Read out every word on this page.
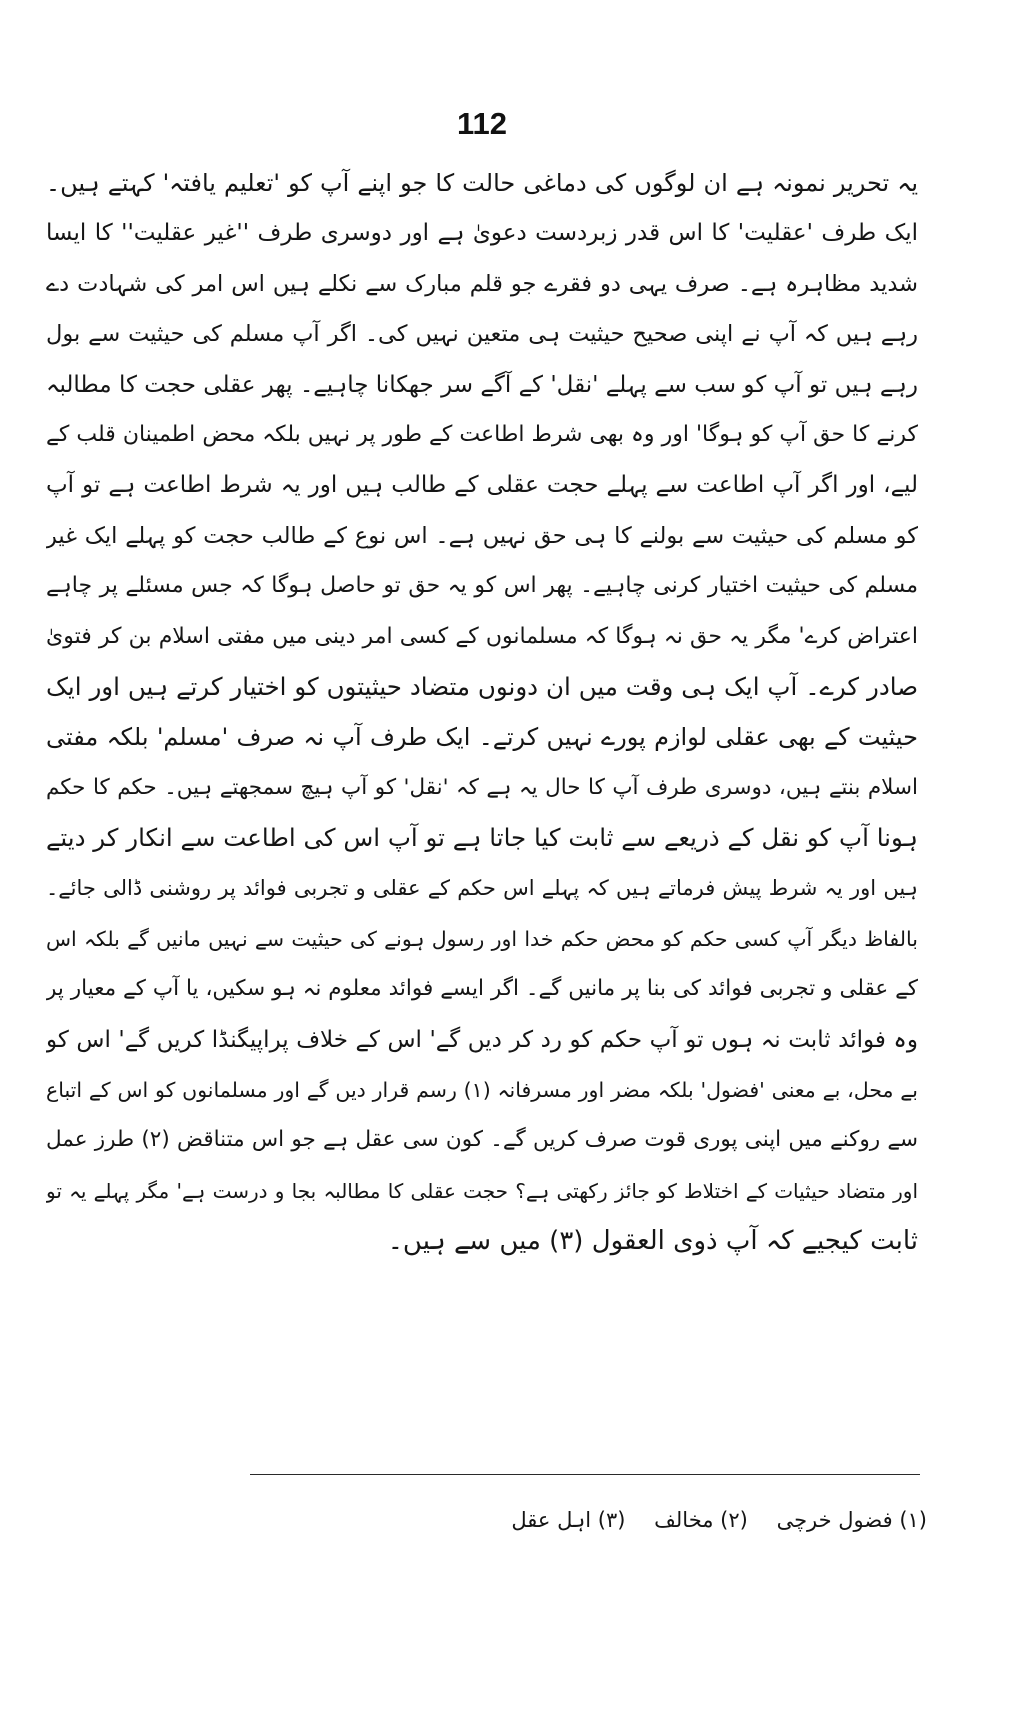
112
یہ تحریر نمونہ ہے ان لوگوں کی دماغی حالت کا جو اپنے آپ کو 'تعلیم یافتہ' کہتے ہیں۔
ایک طرف 'عقلیت' کا اس قدر زبردست دعویٰ ہے اور دوسری طرف ''غیر عقلیت'' کا ایسا
شدید مظاہرہ ہے۔ صرف یہی دو فقرے جو قلم مبارک سے نکلے ہیں اس امر کی شہادت دے
رہے ہیں کہ آپ نے اپنی صحیح حیثیت ہی متعین نہیں کی۔ اگر آپ مسلم کی حیثیت سے بول
رہے ہیں تو آپ کو سب سے پہلے 'نقل' کے آگے سر جھکانا چاہیے۔ پھر عقلی حجت کا مطالبہ
کرنے کا حق آپ کو ہوگا' اور وہ بھی شرط اطاعت کے طور پر نہیں بلکہ محض اطمینان قلب کے
لیے، اور اگر آپ اطاعت سے پہلے حجت عقلی کے طالب ہیں اور یہ شرط اطاعت ہے تو آپ
کو مسلم کی حیثیت سے بولنے کا ہی حق نہیں ہے۔ اس نوع کے طالب حجت کو پہلے ایک غیر
مسلم کی حیثیت اختیار کرنی چاہیے۔ پھر اس کو یہ حق تو حاصل ہوگا کہ جس مسئلے پر چاہے
اعتراض کرے' مگر یہ حق نہ ہوگا کہ مسلمانوں کے کسی امر دینی میں مفتی اسلام بن کر فتویٰ
صادر کرے۔ آپ ایک ہی وقت میں ان دونوں متضاد حیثیتوں کو اختیار کرتے ہیں اور ایک
حیثیت کے بھی عقلی لوازم پورے نہیں کرتے۔ ایک طرف آپ نہ صرف 'مسلم' بلکہ مفتی
اسلام بنتے ہیں، دوسری طرف آپ کا حال یہ ہے کہ 'نقل' کو آپ ہیچ سمجھتے ہیں۔ حکم کا حکم
ہونا آپ کو نقل کے ذریعے سے ثابت کیا جاتا ہے تو آپ اس کی اطاعت سے انکار کر دیتے
ہیں اور یہ شرط پیش فرماتے ہیں کہ پہلے اس حکم کے عقلی و تجربی فوائد پر روشنی ڈالی جائے۔
بالفاظ دیگر آپ کسی حکم کو محض حکم خدا اور رسول ہونے کی حیثیت سے نہیں مانیں گے بلکہ اس
کے عقلی و تجربی فوائد کی بنا پر مانیں گے۔ اگر ایسے فوائد معلوم نہ ہو سکیں، یا آپ کے معیار پر
وہ فوائد ثابت نہ ہوں تو آپ حکم کو رد کر دیں گے' اس کے خلاف پراپیگنڈا کریں گے' اس کو
بے محل، بے معنی 'فضول' بلکہ مضر اور مسرفانہ (۱) رسم قرار دیں گے اور مسلمانوں کو اس کے اتباع
سے روکنے میں اپنی پوری قوت صرف کریں گے۔ کون سی عقل ہے جو اس متناقض (۲) طرز عمل
اور متضاد حیثیات کے اختلاط کو جائز رکھتی ہے؟ حجت عقلی کا مطالبہ بجا و درست ہے' مگر پہلے یہ تو
ثابت کیجیے کہ آپ ذوی العقول (۳) میں سے ہیں۔
(۱) فضول خرچی (۲) مخالف (۳) اہل عقل
